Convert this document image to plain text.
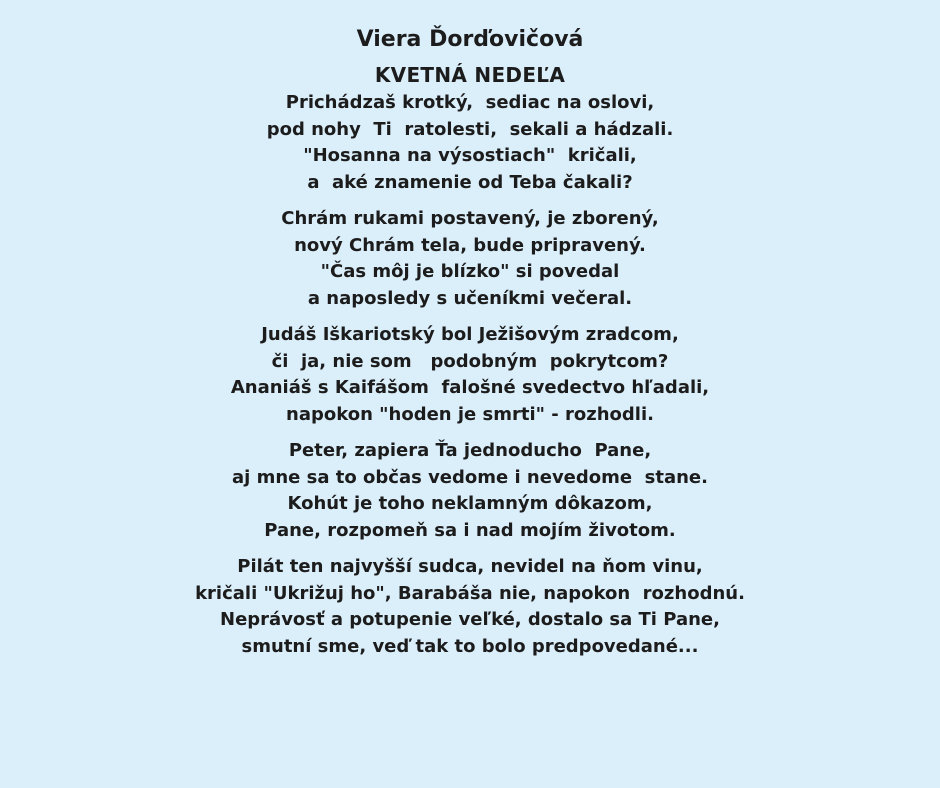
Viera Ďorďovičová
KVETNÁ NEDEĽA
Prichádzaš krotký,  sediac na oslovi,
pod nohy  Ti  ratolesti,  sekali a hádzali.
"Hosanna na výsostiach"  kričali,
a  aké znamenie od Teba čakali?
Chrám rukami postavený, je zborený,
nový Chrám tela, bude pripravený.
"Čas môj je blízko" si povedal
a naposledy s učeníkmi večeral.
Judáš Iškariotský bol Ježišovým zradcom,
či  ja, nie som   podobným  pokrytcom?
Ananiáš s Kaifášom  falošné svedectvo hľadali,
napokon "hoden je smrti" - rozhodli.
Peter, zapiera Ťa jednoducho  Pane,
aj mne sa to občas vedome i nevedome  stane.
Kohút je toho neklamným dôkazom,
Pane, rozpomeň sa i nad mojím životom.
Pilát ten najvyšší sudca, nevidel na ňom vinu,
kričali "Ukrižuj ho", Barabáša nie, napokon  rozhodnú.
Neprávosť a potupenie veľké, dostalo sa Ti Pane,
smutní sme, veď tak to bolo predpovedané...
